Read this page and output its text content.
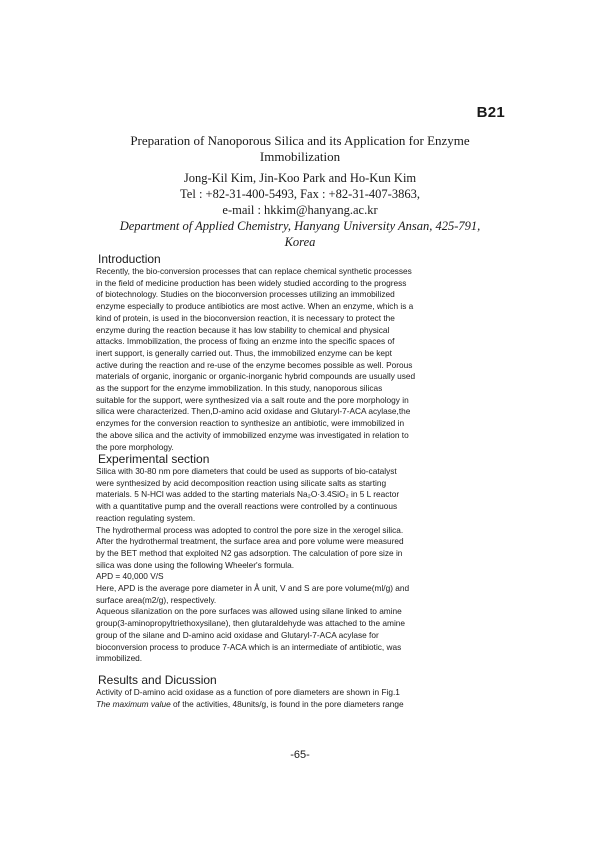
B21
Preparation of Nanoporous Silica and its Application for Enzyme
Immobilization
Jong-Kil Kim, Jin-Koo Park and Ho-Kun Kim
Tel : +82-31-400-5493, Fax : +82-31-407-3863,
e-mail : hkkim@hanyang.ac.kr
Department of Applied Chemistry, Hanyang University Ansan, 425-791,
Korea
Introduction
Recently, the bio-conversion processes that can replace chemical synthetic processes
in the field of medicine production has been widely studied according to the progress
of biotechnology. Studies on the bioconversion processes utilizing an immobilized
enzyme especially to produce antibiotics are most active. When an enzyme, which is a
kind of protein, is used in the bioconversion reaction, it is necessary to protect the
enzyme during the reaction because it has low stability to chemical and physical
attacks. Immobilization, the process of fixing an enzme into the specific spaces of
inert support, is generally carried out. Thus, the immobilized enzyme can be kept
active during the reaction and re-use of the enzyme becomes possible as well. Porous
materials of organic, inorganic or organic-inorganic hybrid compounds are usually used
as the support for the enzyme immobilization. In this study, nanoporous silicas
suitable for the support, were synthesized via a salt route and the pore morphology in
silica were characterized. Then,D-amino acid oxidase and Glutaryl-7-ACA acylase,the
enzymes for the conversion reaction to synthesize an antibiotic, were immobilized in
the above silica and the activity of immobilized enzyme was investigated in relation to
the pore morphology.
Experimental section
Silica with 30-80 nm pore diameters that could be used as supports of bio-catalyst
were synthesized by acid decomposition reaction using silicate salts as starting
materials. 5 N-HCl was added to the starting materials Na₂O·3.4SiO₂ in 5 L reactor
with a quantitative pump and the overall reactions were controlled by a continuous
reaction regulating system.
The hydrothermal process was adopted to control the pore size in the xerogel silica.
After the hydrothermal treatment, the surface area and pore volume were measured
by the BET method that exploited N2 gas adsorption. The calculation of pore size in
silica was done using the following Wheeler's formula.
APD = 40,000 V/S
Here, APD is the average pore diameter in Å unit, V and S are pore volume(ml/g) and
surface area(m2/g), respectively.
Aqueous silanization on the pore surfaces was allowed using silane linked to amine
group(3-aminopropyltriethoxysilane), then glutaraldehyde was attached to the amine
group of the silane and D-amino acid oxidase and Glutaryl-7-ACA acylase for
bioconversion process to produce 7-ACA which is an intermediate of antibiotic, was
immobilized.
Results and Dicussion
Activity of D-amino acid oxidase as a function of pore diameters are shown in Fig.1
The maximum value of the activities, 48units/g, is found in the pore diameters range
-65-
